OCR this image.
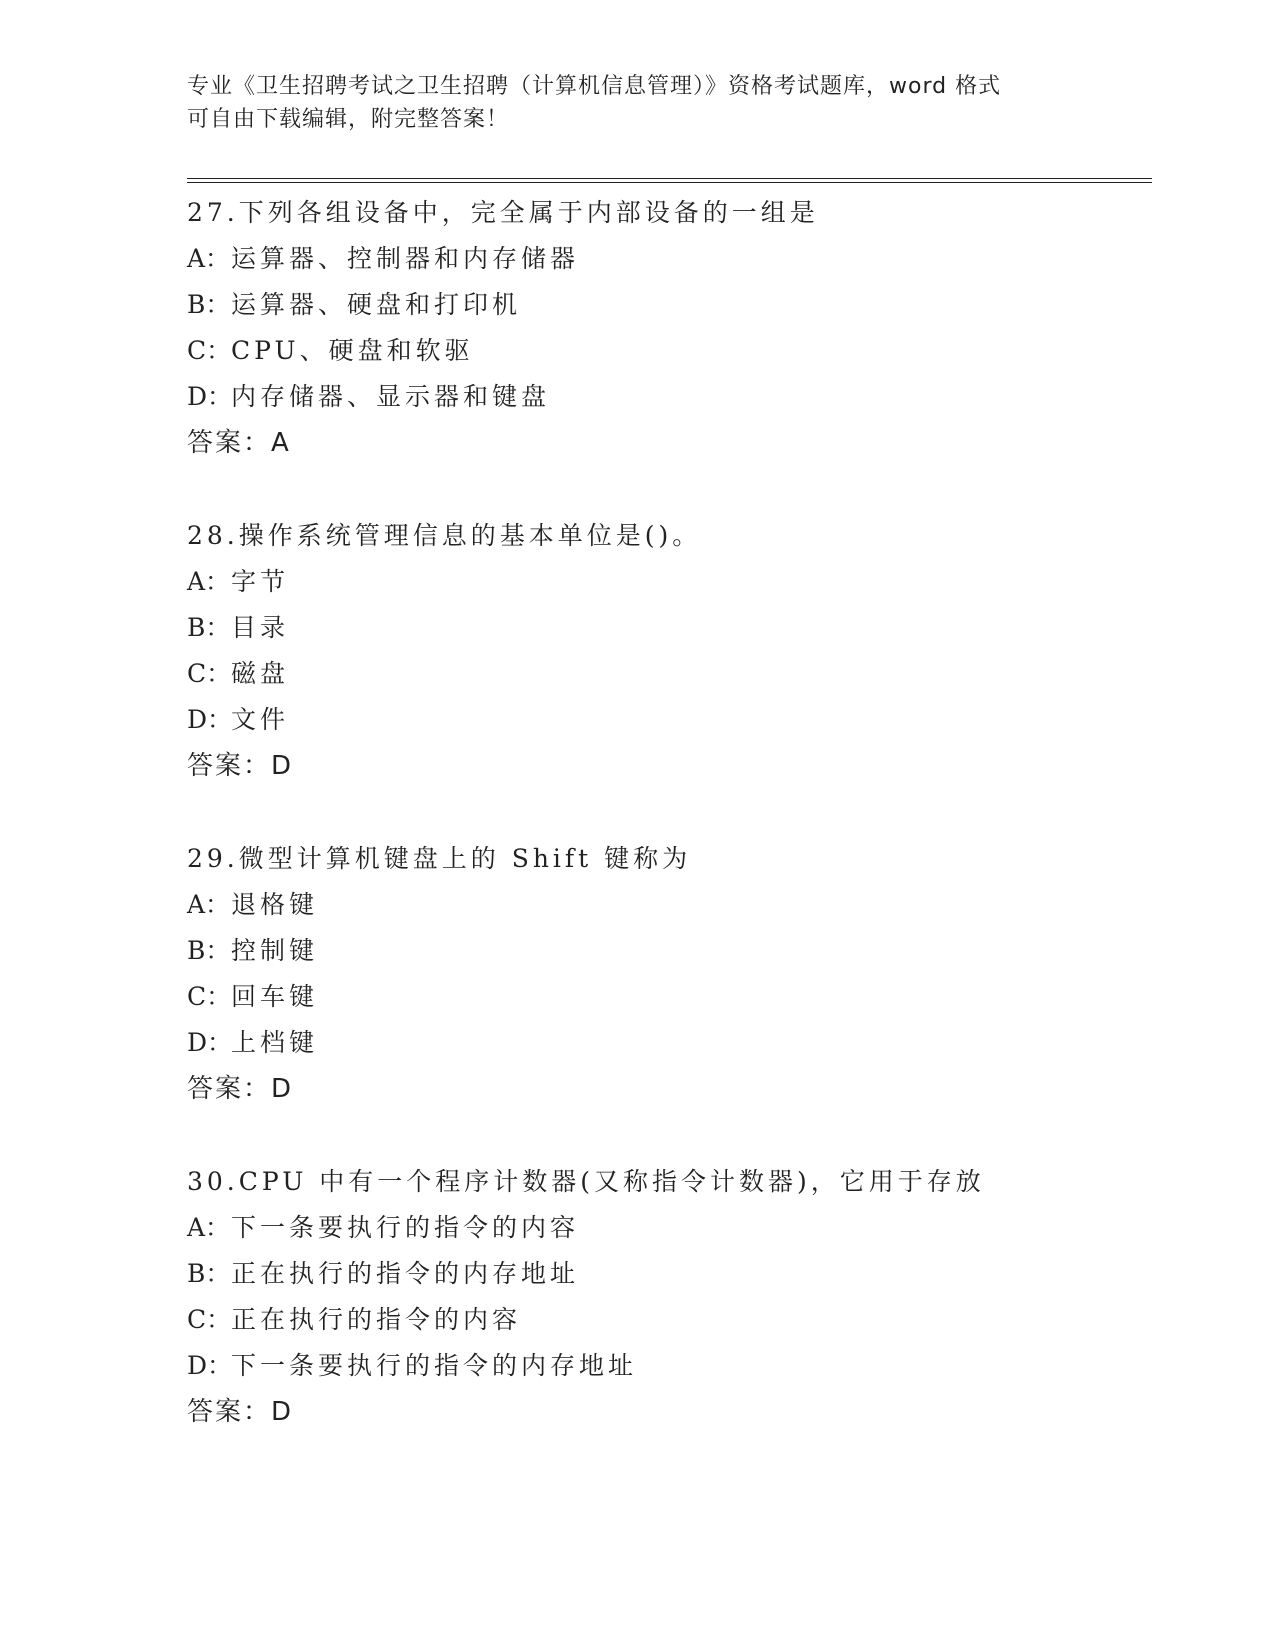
专业《卫生招聘考试之卫生招聘（计算机信息管理）》资格考试题库，word 格式
可自由下载编辑，附完整答案！
27.下列各组设备中，完全属于内部设备的一组是
A：运算器、控制器和内存储器
B：运算器、硬盘和打印机
C：CPU、硬盘和软驱
D：内存储器、显示器和键盘
答案：A
28.操作系统管理信息的基本单位是()。
A：字节
B：目录
C：磁盘
D：文件
答案：D
29.微型计算机键盘上的 Shift 键称为
A：退格键
B：控制键
C：回车键
D：上档键
答案：D
30.CPU 中有一个程序计数器(又称指令计数器)，它用于存放
A：下一条要执行的指令的内容
B：正在执行的指令的内存地址
C：正在执行的指令的内容
D：下一条要执行的指令的内存地址
答案：D
